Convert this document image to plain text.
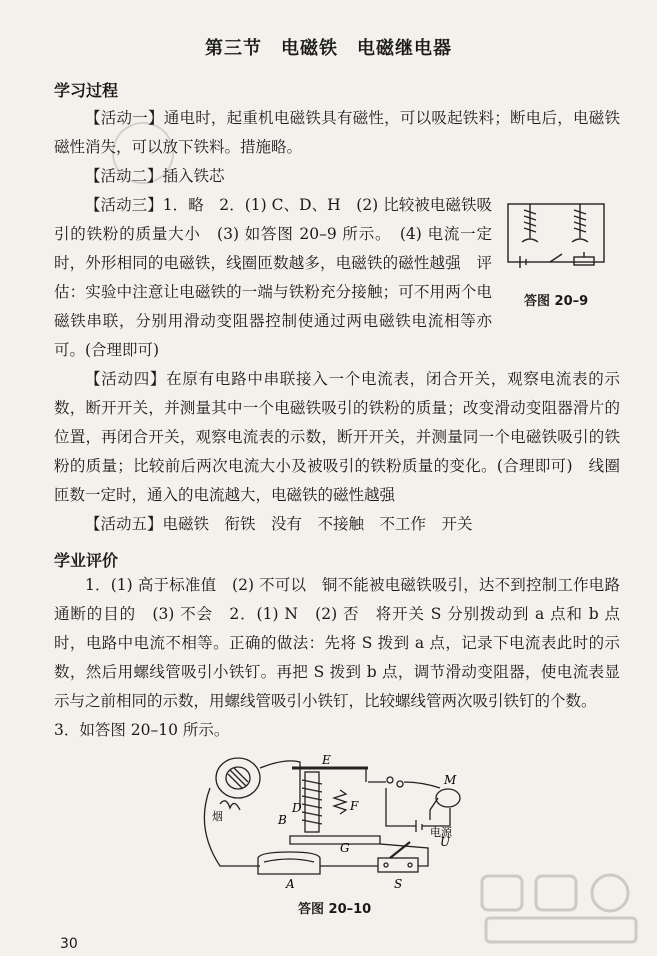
第三节　电磁铁　电磁继电器
学习过程

【活动一】通电时，起重机电磁铁具有磁性，可以吸起铁料；断电后，电磁铁磁性消失，可以放下铁料。措施略。

【活动二】插入铁芯

【活动三】1．略　2．(1) C、D、H　(2) 比较被电磁铁吸引的铁粉的质量大小　(3) 如答图 20–9 所示。　(4) 电流一定时，外形相同的电磁铁，线圈匝数越多，电磁铁的磁性越强　评估：实验中注意让电磁铁的一端与铁粉充分接触；可不用两个电磁铁串联，分别用滑动变阻器控制使通过两电磁铁电流相等亦可。(合理即可)

答图 20–9

【活动四】在原有电路中串联接入一个电流表，闭合开关，观察电流表的示数，断开开关，并测量其中一个电磁铁吸引的铁粉的质量；改变滑动变阻器滑片的位置，再闭合开关，观察电流表的示数，断开开关，并测量同一个电磁铁吸引的铁粉的质量；比较前后两次电流大小及被吸引的铁粉质量的变化。(合理即可)　线圈匝数一定时，通入的电流越大，电磁铁的磁性越强

【活动五】电磁铁　衔铁　没有　不接触　不工作　开关

学业评价

1．(1) 高于标准值　(2) 不可以　铜不能被电磁铁吸引，达不到控制工作电路通断的目的　(3) 不会　2．(1) N　(2) 否　将开关 S 分别拨动到 a 点和 b 点时，电路中电流不相等。正确的做法：先将 S 拨到 a 点，记录下电流表此时的示数，然后用螺线管吸引小铁钉。再把 S 拨到 b 点，调节滑动变阻器，使电流表显示与之前相同的示数，用螺线管吸引小铁钉，比较螺线管两次吸引铁钉的个数。

3．如答图 20–10 所示。

E
D	F
G
B
A	S
M
U
烟
电源
答图 20–10
30
